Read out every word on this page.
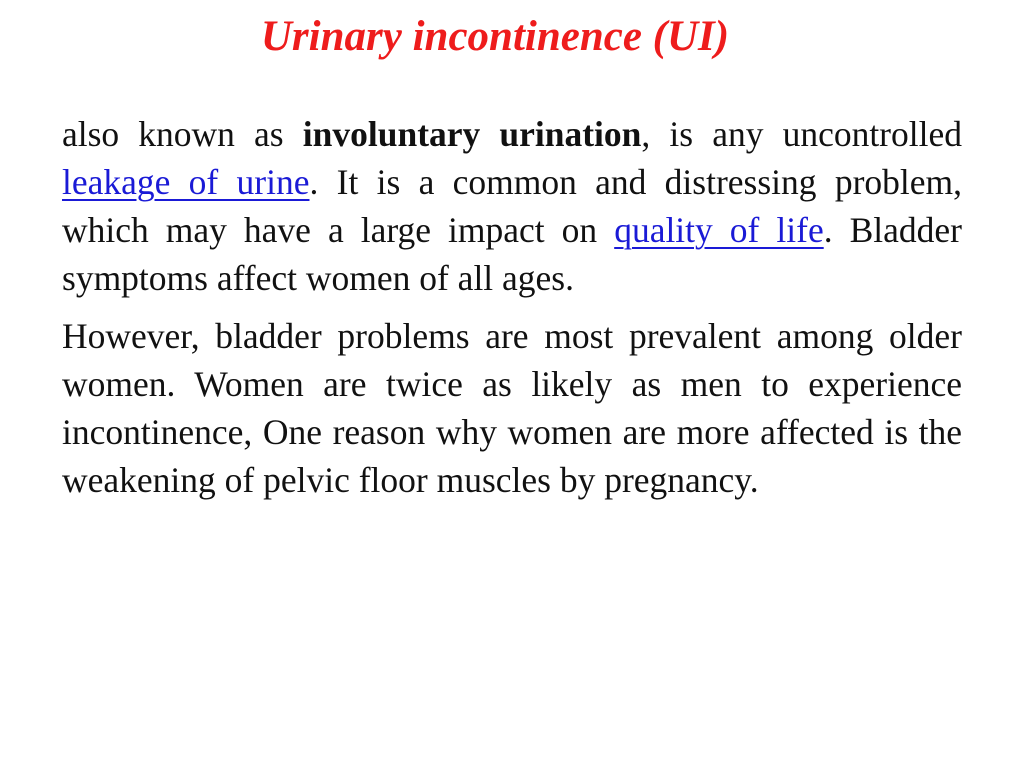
Urinary incontinence (UI)

also known as involuntary urination, is any uncontrolled leakage of urine. It is a common and distressing problem, which may have a large impact on quality of life. Bladder symptoms affect women of all ages.

However, bladder problems are most prevalent among older women. Women are twice as likely as men to experience incontinence, One reason why women are more affected is the weakening of pelvic floor muscles by pregnancy.
